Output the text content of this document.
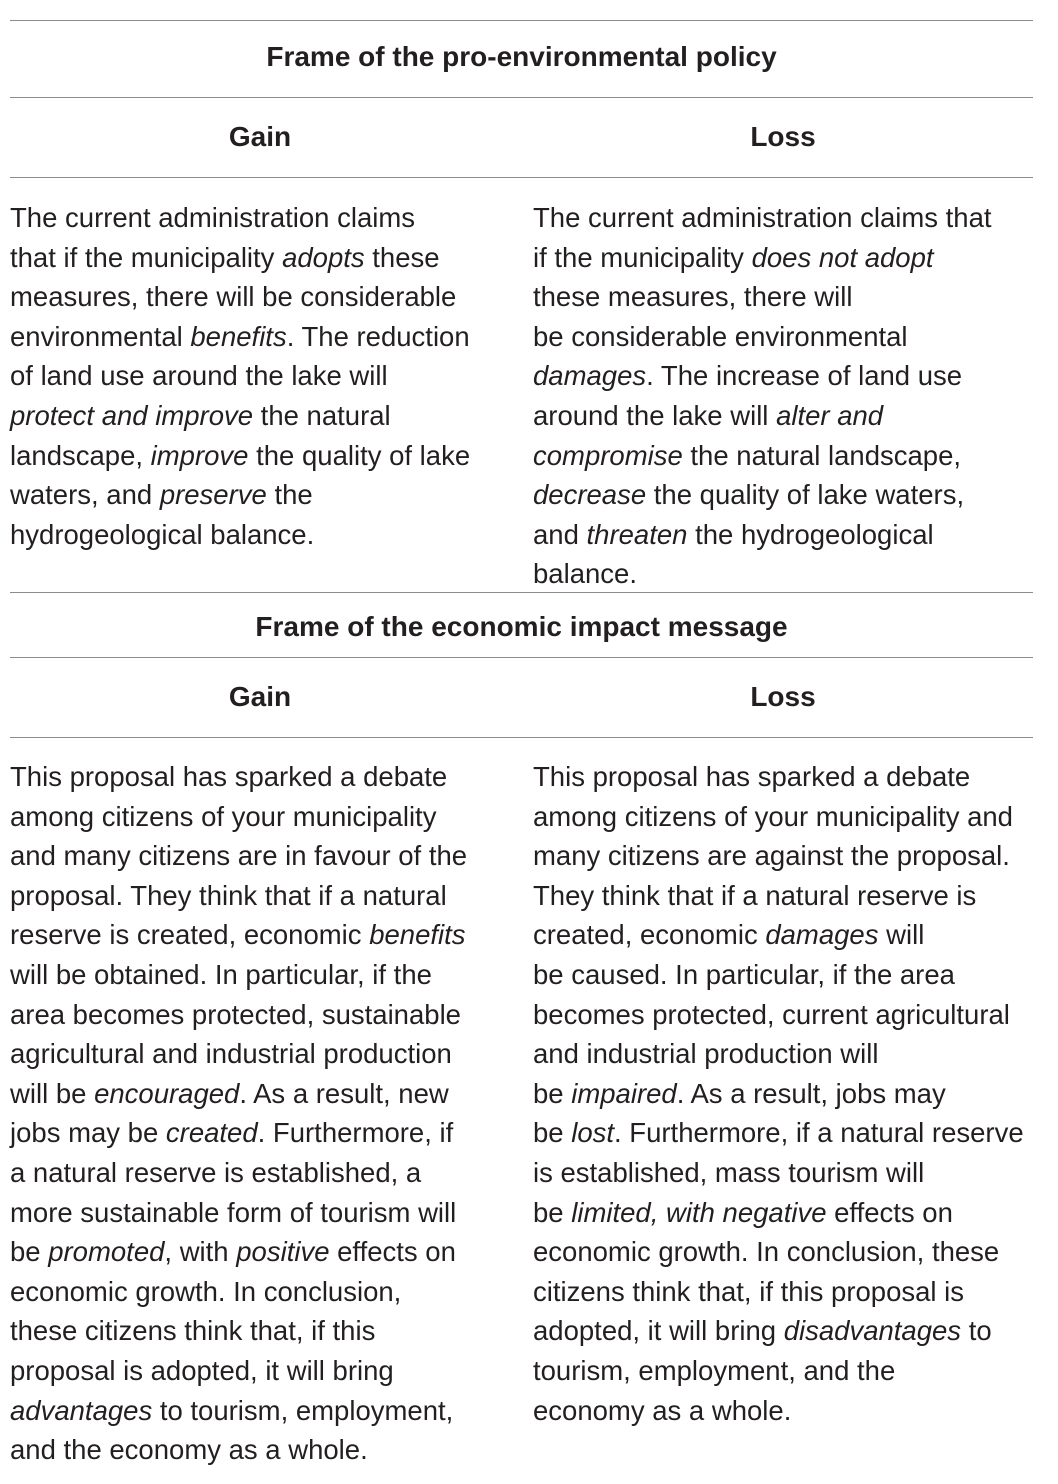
Frame of the pro-environmental policy
Gain	Loss
The current administration claims
that if the municipality adopts these
measures, there will be considerable
environmental benefits. The reduction
of land use around the lake will
protect and improve the natural
landscape, improve the quality of lake
waters, and preserve the
hydrogeological balance.
The current administration claims that
if the municipality does not adopt
these measures, there will
be considerable environmental
damages. The increase of land use
around the lake will alter and
compromise the natural landscape,
decrease the quality of lake waters,
and threaten the hydrogeological
balance.
Frame of the economic impact message
Gain	Loss
This proposal has sparked a debate
among citizens of your municipality
and many citizens are in favour of the
proposal. They think that if a natural
reserve is created, economic benefits
will be obtained. In particular, if the
area becomes protected, sustainable
agricultural and industrial production
will be encouraged. As a result, new
jobs may be created. Furthermore, if
a natural reserve is established, a
more sustainable form of tourism will
be promoted, with positive effects on
economic growth. In conclusion,
these citizens think that, if this
proposal is adopted, it will bring
advantages to tourism, employment,
and the economy as a whole.
This proposal has sparked a debate
among citizens of your municipality and
many citizens are against the proposal.
They think that if a natural reserve is
created, economic damages will
be caused. In particular, if the area
becomes protected, current agricultural
and industrial production will
be impaired. As a result, jobs may
be lost. Furthermore, if a natural reserve
is established, mass tourism will
be limited, with negative effects on
economic growth. In conclusion, these
citizens think that, if this proposal is
adopted, it will bring disadvantages to
tourism, employment, and the
economy as a whole.
